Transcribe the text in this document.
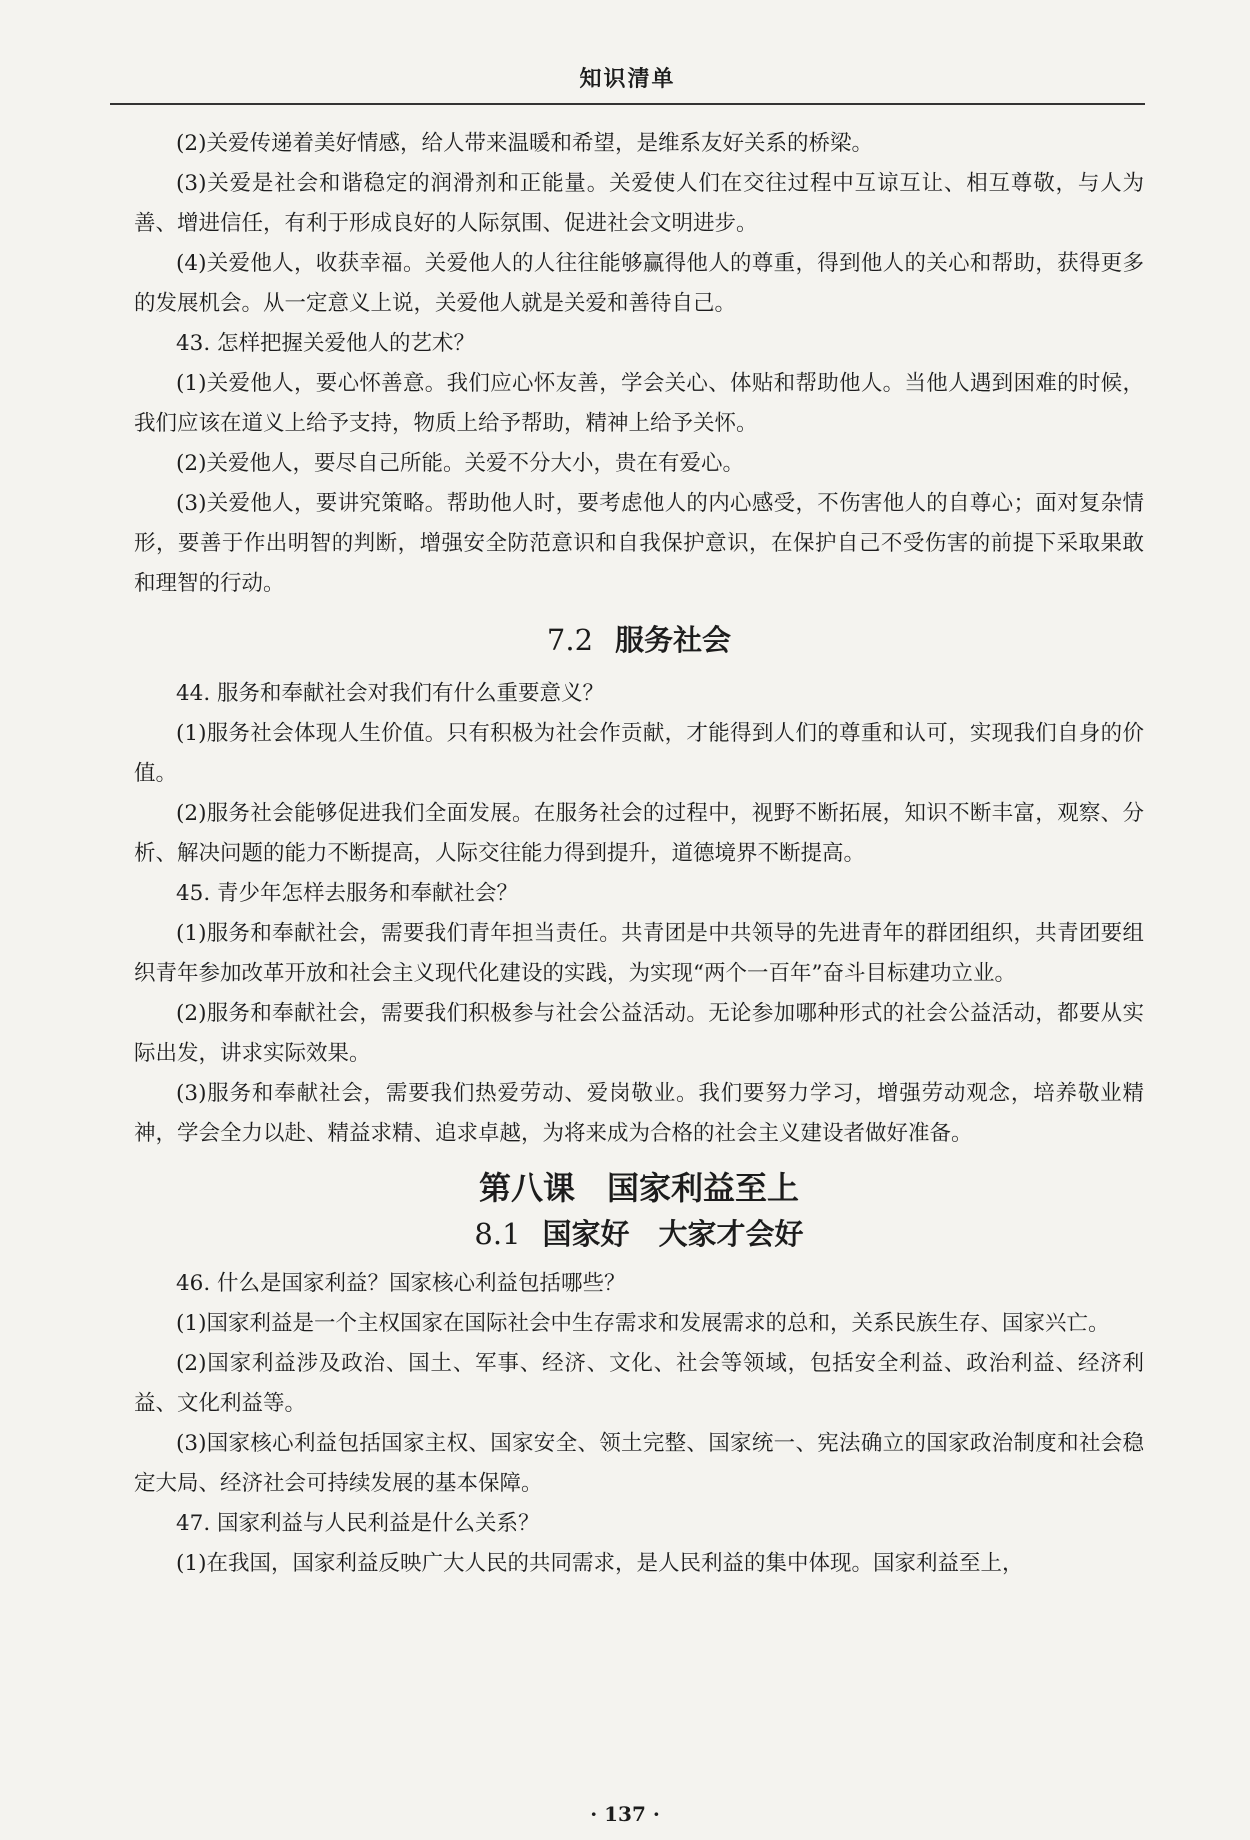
知识清单

(2)关爱传递着美好情感，给人带来温暖和希望，是维系友好关系的桥梁。

(3)关爱是社会和谐稳定的润滑剂和正能量。关爱使人们在交往过程中互谅互让、相互尊敬，与人为善、增进信任，有利于形成良好的人际氛围、促进社会文明进步。

(4)关爱他人，收获幸福。关爱他人的人往往能够赢得他人的尊重，得到他人的关心和帮助，获得更多的发展机会。从一定意义上说，关爱他人就是关爱和善待自己。

43. 怎样把握关爱他人的艺术？

(1)关爱他人，要心怀善意。我们应心怀友善，学会关心、体贴和帮助他人。当他人遇到困难的时候，我们应该在道义上给予支持，物质上给予帮助，精神上给予关怀。

(2)关爱他人，要尽自己所能。关爱不分大小，贵在有爱心。

(3)关爱他人，要讲究策略。帮助他人时，要考虑他人的内心感受，不伤害他人的自尊心；面对复杂情形，要善于作出明智的判断，增强安全防范意识和自我保护意识，在保护自己不受伤害的前提下采取果敢和理智的行动。

7.2 服务社会

44. 服务和奉献社会对我们有什么重要意义？

(1)服务社会体现人生价值。只有积极为社会作贡献，才能得到人们的尊重和认可，实现我们自身的价值。

(2)服务社会能够促进我们全面发展。在服务社会的过程中，视野不断拓展，知识不断丰富，观察、分析、解决问题的能力不断提高，人际交往能力得到提升，道德境界不断提高。

45. 青少年怎样去服务和奉献社会？

(1)服务和奉献社会，需要我们青年担当责任。共青团是中共领导的先进青年的群团组织，共青团要组织青年参加改革开放和社会主义现代化建设的实践，为实现“两个一百年”奋斗目标建功立业。

(2)服务和奉献社会，需要我们积极参与社会公益活动。无论参加哪种形式的社会公益活动，都要从实际出发，讲求实际效果。

(3)服务和奉献社会，需要我们热爱劳动、爱岗敬业。我们要努力学习，增强劳动观念，培养敬业精神，学会全力以赴、精益求精、追求卓越，为将来成为合格的社会主义建设者做好准备。

第八课　国家利益至上
8.1 国家好　大家才会好

46. 什么是国家利益？国家核心利益包括哪些？

(1)国家利益是一个主权国家在国际社会中生存需求和发展需求的总和，关系民族生存、国家兴亡。

(2)国家利益涉及政治、国土、军事、经济、文化、社会等领域，包括安全利益、政治利益、经济利益、文化利益等。

(3)国家核心利益包括国家主权、国家安全、领土完整、国家统一、宪法确立的国家政治制度和社会稳定大局、经济社会可持续发展的基本保障。

47. 国家利益与人民利益是什么关系？

(1)在我国，国家利益反映广大人民的共同需求，是人民利益的集中体现。国家利益至上，

· 137 ·
